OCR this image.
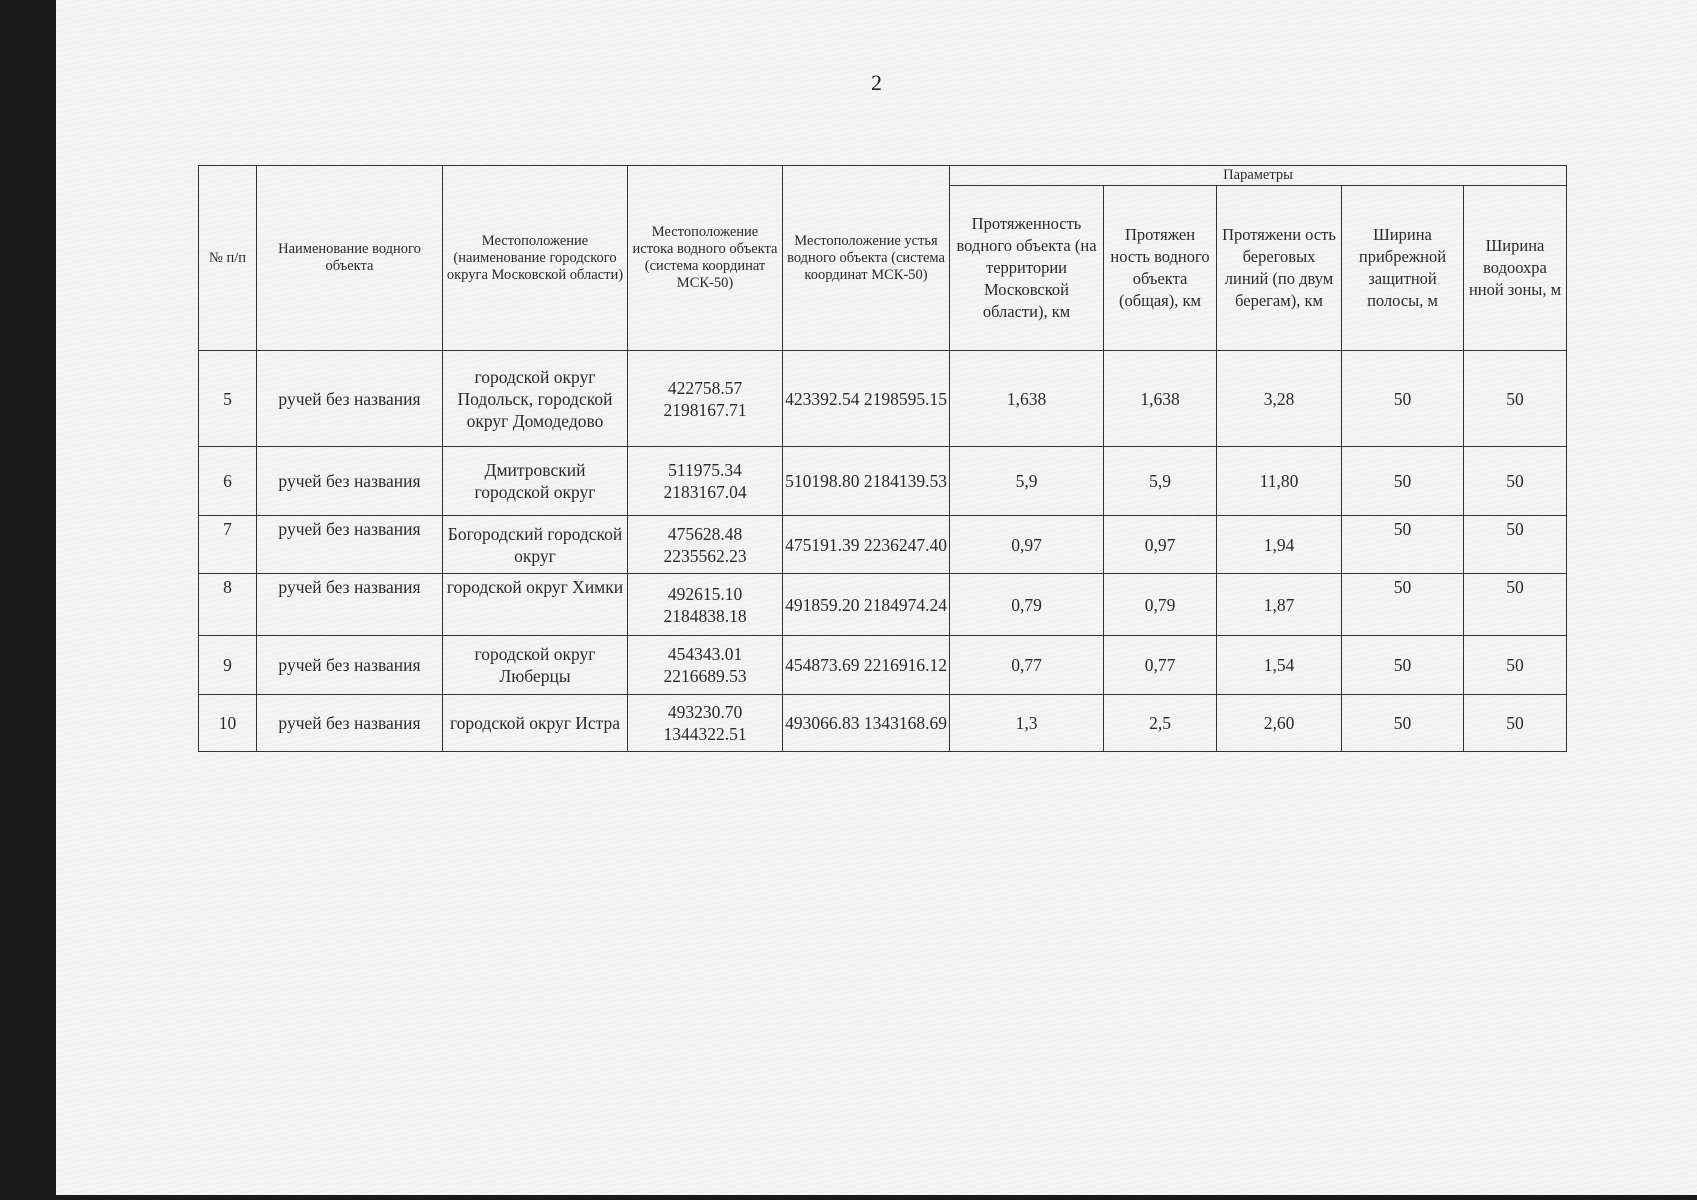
2
№ п/п	Наименование водного объекта	Местоположение (наименование городского округа Московской области)	Местоположение истока водного объекта (система координат МСК-50)	Местоположение устья водного объекта (система координат МСК-50)	Параметры				
					Протяженность водного объекта (на территории Московской области), км	Протяжен ность водного объекта (общая), км	Протяжени ость береговых линий (по двум берегам), км	Ширина прибрежной защитной полосы, м	Ширина водоохра нной зоны, м
5	ручей без названия	городской округ Подольск, городской округ Домодедово	422758.57 2198167.71	423392.54 2198595.15	1,638	1,638	3,28	50	50
6	ручей без названия	Дмитровский городской округ	511975.34 2183167.04	510198.80 2184139.53	5,9	5,9	11,80	50	50
7	ручей без названия	Богородский городской округ	475628.48 2235562.23	475191.39 2236247.40	0,97	0,97	1,94	50	50
8	ручей без названия	городской округ Химки	492615.10 2184838.18	491859.20 2184974.24	0,79	0,79	1,87	50	50
9	ручей без названия	городской округ Люберцы	454343.01 2216689.53	454873.69 2216916.12	0,77	0,77	1,54	50	50
10	ручей без названия	городской округ Истра	493230.70 1344322.51	493066.83 1343168.69	1,3	2,5	2,60	50	50
